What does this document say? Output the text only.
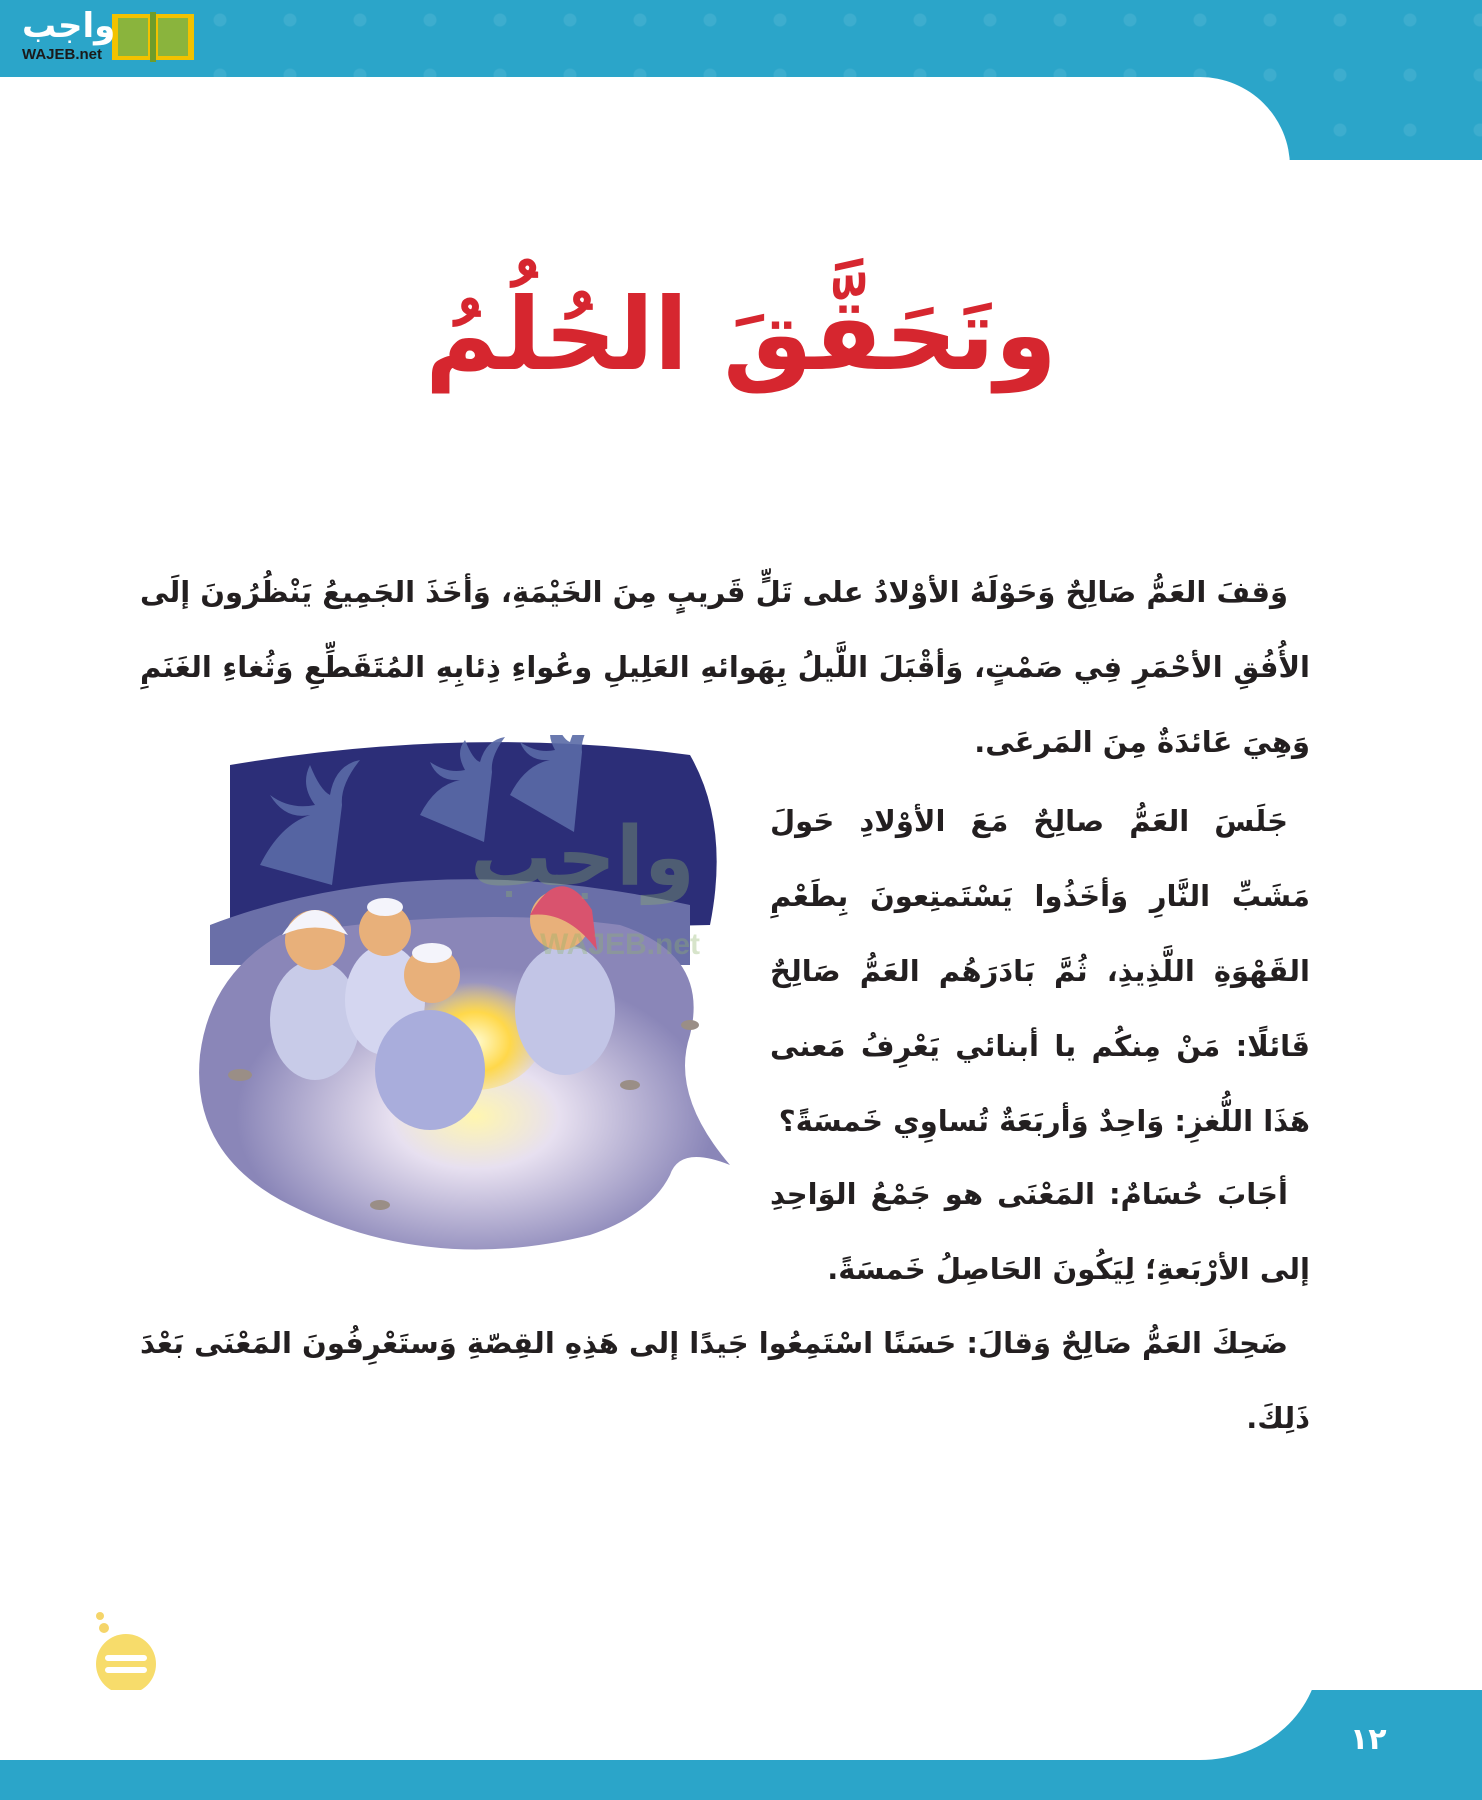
واجب
WAJEB.net
وتَحَقَّقَ الحُلُمُ
وَقفَ العَمُّ صَالِحٌ وَحَوْلَهُ الأوْلادُ على تَلٍّ قَريبٍ مِنَ الخَيْمَةِ، وَأخَذَ الجَمِيعُ يَنْظُرُونَ إلَى الأُفُقِ الأحْمَرِ فِي صَمْتٍ، وَأقْبَلَ اللَّيلُ بِهَوائهِ العَلِيلِ وعُواءِ ذِئابِهِ المُتَقَطِّعِ وَثُغاءِ الغَنَمِ وَهِيَ عَائدَةٌ مِنَ المَرعَى.
جَلَسَ العَمُّ صالِحٌ مَعَ الأوْلادِ حَولَ مَشَبِّ النَّارِ وَأخَذُوا يَسْتَمتِعونَ بِطَعْمِ القَهْوَةِ اللَّذِيذِ، ثُمَّ بَادَرَهُم العَمُّ صَالِحٌ قَائلًا: مَنْ مِنكُم يا أبنائي يَعْرِفُ مَعنى هَذَا اللُّغزِ: وَاحِدٌ وَأربَعَةٌ تُساوِي خَمسَةً؟
أجَابَ حُسَامٌ: المَعْنَى هو جَمْعُ الوَاحِدِ إلى الأرْبَعةِ؛ لِيَكُونَ الحَاصِلُ خَمسَةً.
ضَحِكَ العَمُّ صَالِحٌ وَقالَ: حَسَنًا اسْتَمِعُوا جَيدًا إلى هَذِهِ القِصّةِ وَستَعْرِفُونَ المَعْنَى بَعْدَ ذَلِكَ.
واجب
WAJEB.net
١٢
